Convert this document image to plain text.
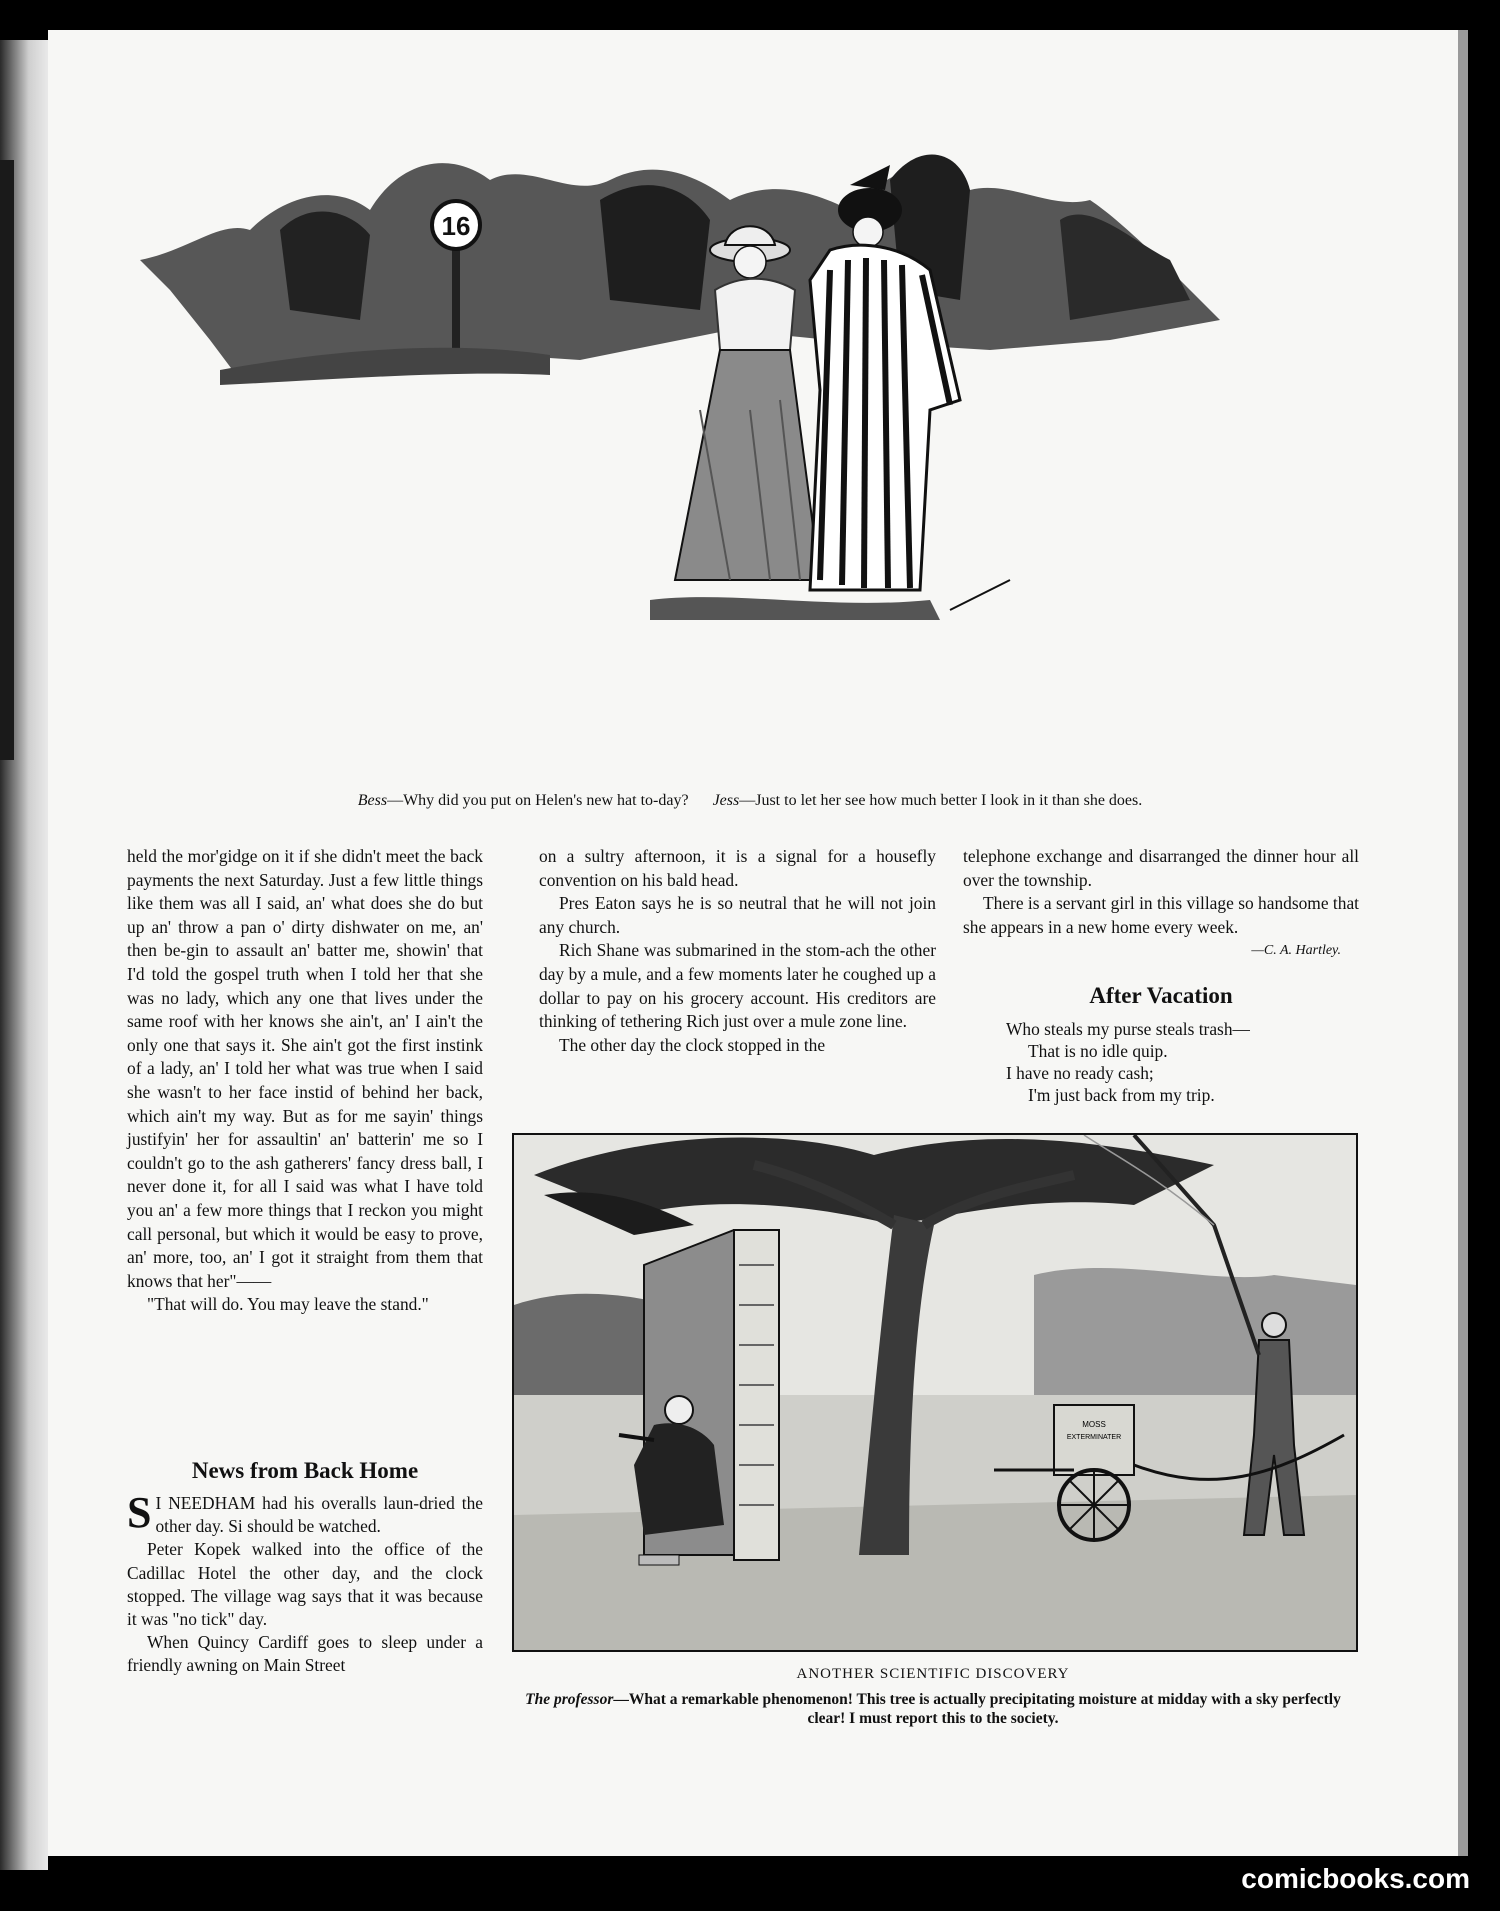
16
Bess—Why did you put on Helen's new hat to-day? Jess—Just to let her see how much better I look in it than she does.

held the mor'gidge on it if she didn't meet the back payments the next Saturday. Just a few little things like them was all I said, an' what does she do but up an' throw a pan o' dirty dishwater on me, an' then be-gin to assault an' batter me, showin' that I'd told the gospel truth when I told her that she was no lady, which any one that lives under the same roof with her knows she ain't, an' I ain't the only one that says it. She ain't got the first instink of a lady, an' I told her what was true when I said she wasn't to her face instid of behind her back, which ain't my way. But as for me sayin' things justifyin' her for assaultin' an' batterin' me so I couldn't go to the ash gatherers' fancy dress ball, I never done it, for all I said was what I have told you an' a few more things that I reckon you might call personal, but which it would be easy to prove, an' more, too, an' I got it straight from them that knows that her"——

"That will do. You may leave the stand."

News from Back Home

S I NEEDHAM had his overalls laun-dried the other day. Si should be watched.

Peter Kopek walked into the office of the Cadillac Hotel the other day, and the clock stopped. The village wag says that it was because it was "no tick" day.

When Quincy Cardiff goes to sleep under a friendly awning on Main Street

on a sultry afternoon, it is a signal for a housefly convention on his bald head.

Pres Eaton says he is so neutral that he will not join any church.

Rich Shane was submarined in the stom-ach the other day by a mule, and a few moments later he coughed up a dollar to pay on his grocery account. His creditors are thinking of tethering Rich just over a mule zone line.

The other day the clock stopped in the

telephone exchange and disarranged the dinner hour all over the township.

There is a servant girl in this village so handsome that she appears in a new home every week.
—C. A. Hartley.

After Vacation
Who steals my purse steals trash—
That is no idle quip.
I have no ready cash;
I'm just back from my trip.
MOSS
EXTERMINATER
ANOTHER SCIENTIFIC DISCOVERY
The professor—What a remarkable phenomenon! This tree is actually precipitating moisture at midday with a sky perfectly clear! I must report this to the society.
comicbooks.com
